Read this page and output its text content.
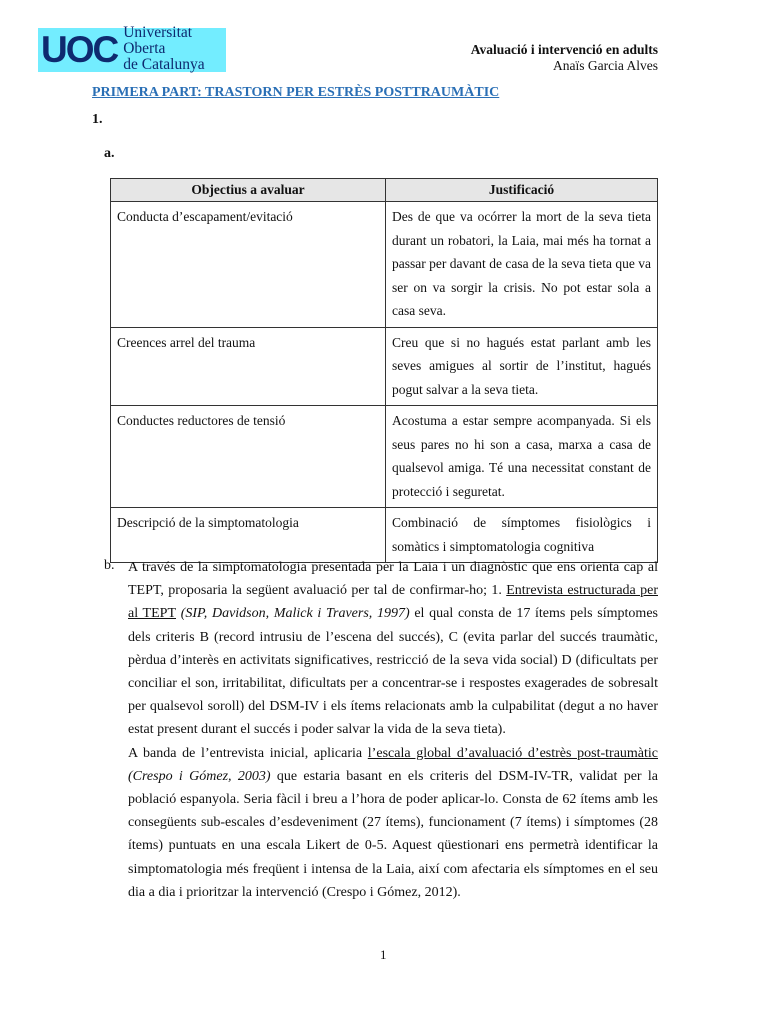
UOC Universitat Oberta
de Catalunya
Avaluació i intervenció en adults
Anaïs Garcia Alves
PRIMERA PART: TRASTORN PER ESTRÈS POSTTRAUMÀTIC
1.
a.
Objectius a avaluar	Justificació
Conducta d’escapament/evitació	Des de que va ocórrer la mort de la seva tieta durant un robatori, la Laia, mai més ha tornat a passar per davant de casa de la seva tieta que va ser on va sorgir la crisis. No pot estar sola a casa seva.
Creences arrel del trauma	Creu que si no hagués estat parlant amb les seves amigues al sortir de l’institut, hagués pogut salvar a la seva tieta.
Conductes reductores de tensió	Acostuma a estar sempre acompanyada. Si els seus pares no hi son a casa, marxa a casa de qualsevol amiga. Té una necessitat constant de protecció i seguretat.
Descripció de la simptomatologia	Combinació de símptomes fisiològics i somàtics i simptomatologia cognitiva
b. A través de la simptomatologia presentada per la Laia i un diagnòstic que ens orienta cap al TEPT, proposaria la següent avaluació per tal de confirmar-ho; 1. Entrevista estructurada per al TEPT (SIP, Davidson, Malick i Travers, 1997) el qual consta de 17 ítems pels símptomes dels criteris B (record intrusiu de l’escena del succés), C (evita parlar del succés traumàtic, pèrdua d’interès en activitats significatives, restricció de la seva vida social) D (dificultats per conciliar el son, irritabilitat, dificultats per a concentrar-se i respostes exagerades de sobresalt per qualsevol soroll) del DSM-IV i els ítems relacionats amb la culpabilitat (degut a no haver estat present durant el succés i poder salvar la vida de la seva tieta).

A banda de l’entrevista inicial, aplicaria l’escala global d’avaluació d’estrès post-traumàtic (Crespo i Gómez, 2003) que estaria basant en els criteris del DSM-IV-TR, validat per la població espanyola. Seria fàcil i breu a l’hora de poder aplicar-lo. Consta de 62 ítems amb les consegüents sub-escales d’esdeveniment (27 ítems), funcionament (7 ítems) i símptomes (28 ítems) puntuats en una escala Likert de 0-5. Aquest qüestionari ens permetrà identificar la simptomatologia més freqüent i intensa de la Laia, així com afectaria els símptomes en el seu dia a dia i prioritzar la intervenció (Crespo i Gómez, 2012).

1
